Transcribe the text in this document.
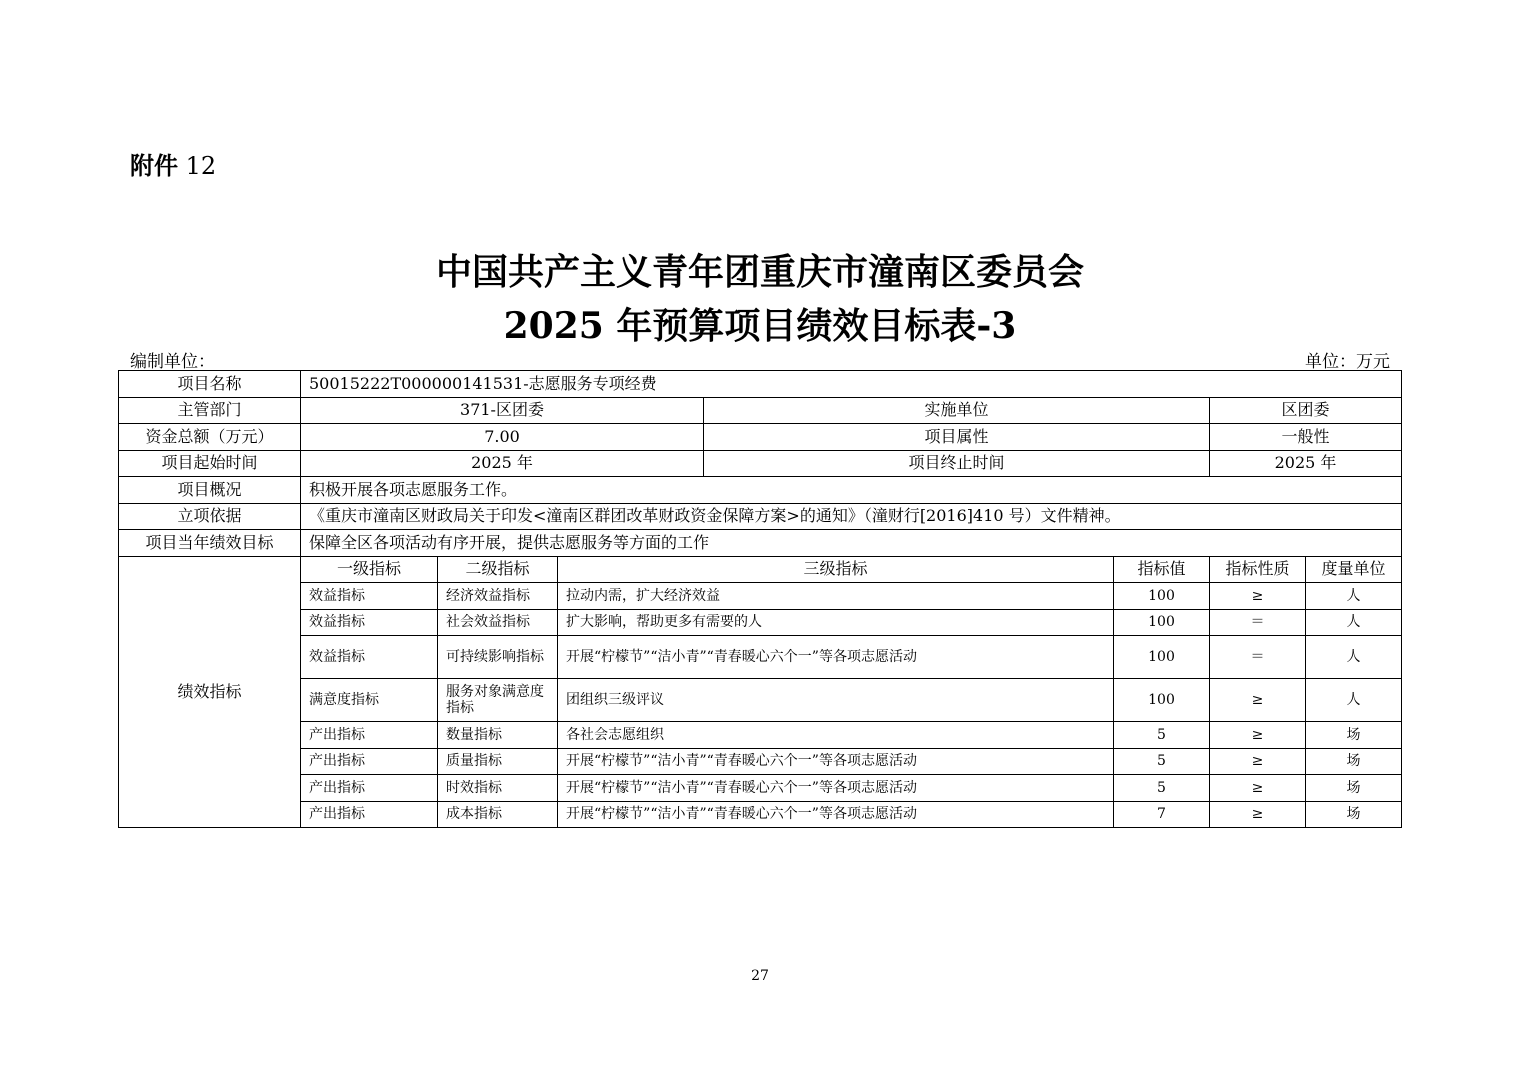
附件 12
中国共产主义青年团重庆市潼南区委员会
2025 年预算项目绩效目标表-3
编制单位：	单位：万元
项目名称	50015222T000000141531-志愿服务专项经费						
主管部门	371-区团委			实施单位		区团委	
资金总额（万元）	7.00			项目属性		一般性	
项目起始时间	2025 年			项目终止时间		2025 年	
项目概况	积极开展各项志愿服务工作。						
立项依据	《重庆市潼南区财政局关于印发<潼南区群团改革财政资金保障方案>的通知》（潼财行[2016]410 号）文件精神。						
项目当年绩效目标	保障全区各项活动有序开展，提供志愿服务等方面的工作						
绩效指标	一级指标	二级指标	三级指标		指标值	指标性质	度量单位
	效益指标	经济效益指标	拉动内需，扩大经济效益		100	≥	人
	效益指标	社会效益指标	扩大影响，帮助更多有需要的人		100	＝	人
	效益指标	可持续影响指标	开展“柠檬节”“洁小青”“青春暖心六个一”等各项志愿活动		100	＝	人
	满意度指标	服务对象满意度指标	团组织三级评议		100	≥	人
	产出指标	数量指标	各社会志愿组织		5	≥	场
	产出指标	质量指标	开展“柠檬节”“洁小青”“青春暖心六个一”等各项志愿活动		5	≥	场
	产出指标	时效指标	开展“柠檬节”“洁小青”“青春暖心六个一”等各项志愿活动		5	≥	场
	产出指标	成本指标	开展“柠檬节”“洁小青”“青春暖心六个一”等各项志愿活动		7	≥	场
27
